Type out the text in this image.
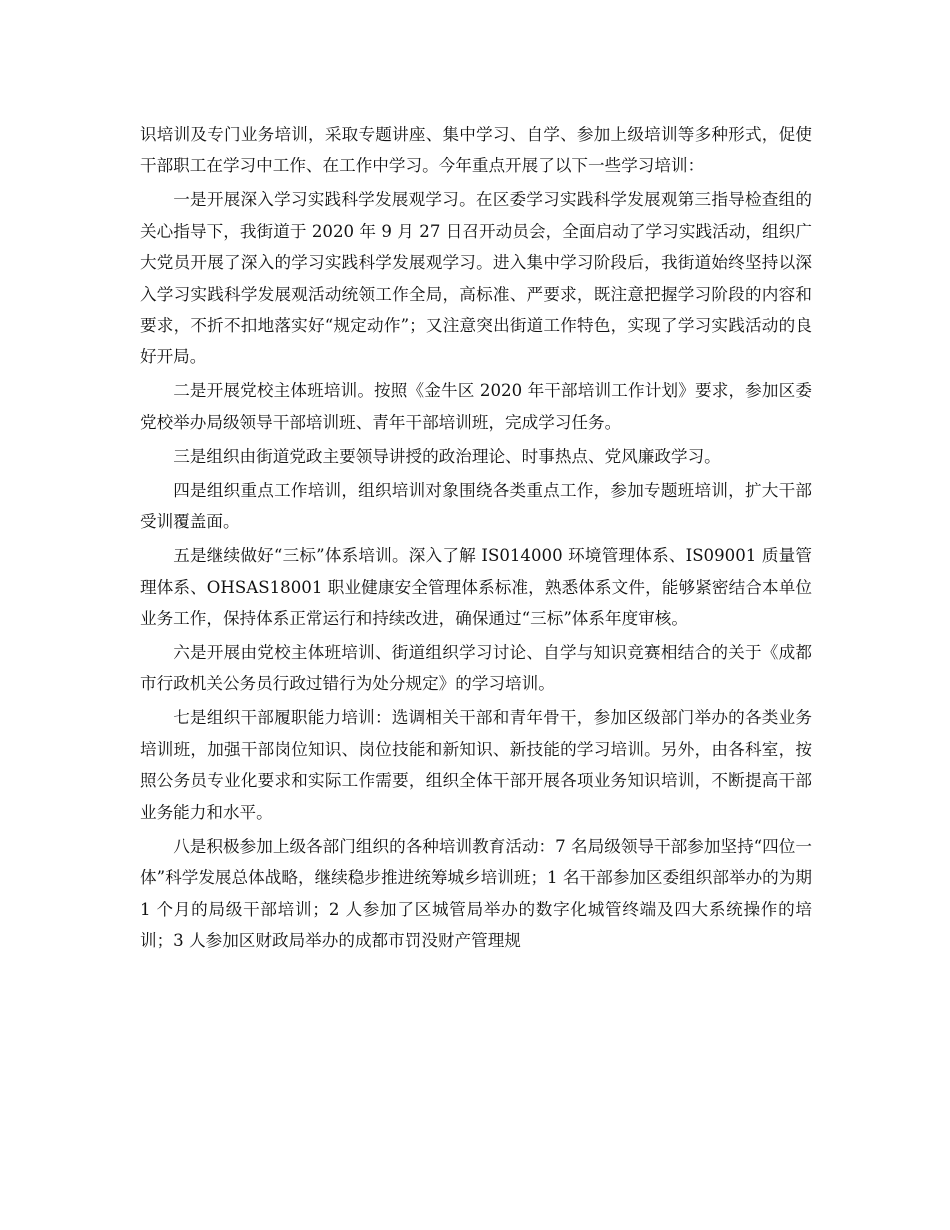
识培训及专门业务培训，采取专题讲座、集中学习、自学、参加上级培训等多种形式，促使干部职工在学习中工作、在工作中学习。今年重点开展了以下一些学习培训：

一是开展深入学习实践科学发展观学习。在区委学习实践科学发展观第三指导检查组的关心指导下，我街道于 2020 年 9 月 27 日召开动员会，全面启动了学习实践活动，组织广大党员开展了深入的学习实践科学发展观学习。进入集中学习阶段后，我街道始终坚持以深入学习实践科学发展观活动统领工作全局，高标准、严要求，既注意把握学习阶段的内容和要求，不折不扣地落实好“规定动作”；又注意突出街道工作特色，实现了学习实践活动的良好开局。

二是开展党校主体班培训。按照《金牛区 2020 年干部培训工作计划》要求，参加区委党校举办局级领导干部培训班、青年干部培训班，完成学习任务。

三是组织由街道党政主要领导讲授的政治理论、时事热点、党风廉政学习。

四是组织重点工作培训，组织培训对象围绕各类重点工作，参加专题班培训，扩大干部受训覆盖面。

五是继续做好“三标”体系培训。深入了解 IS014000 环境管理体系、IS09001 质量管理体系、OHSAS18001 职业健康安全管理体系标准，熟悉体系文件，能够紧密结合本单位业务工作，保持体系正常运行和持续改进，确保通过“三标”体系年度审核。

六是开展由党校主体班培训、街道组织学习讨论、自学与知识竞赛相结合的关于《成都市行政机关公务员行政过错行为处分规定》的学习培训。

七是组织干部履职能力培训：选调相关干部和青年骨干，参加区级部门举办的各类业务培训班，加强干部岗位知识、岗位技能和新知识、新技能的学习培训。另外，由各科室，按照公务员专业化要求和实际工作需要，组织全体干部开展各项业务知识培训，不断提高干部业务能力和水平。

八是积极参加上级各部门组织的各种培训教育活动：7 名局级领导干部参加坚持“四位一体”科学发展总体战略，继续稳步推进统筹城乡培训班；1 名干部参加区委组织部举办的为期 1 个月的局级干部培训；2 人参加了区城管局举办的数字化城管终端及四大系统操作的培训；3 人参加区财政局举办的成都市罚没财产管理规
